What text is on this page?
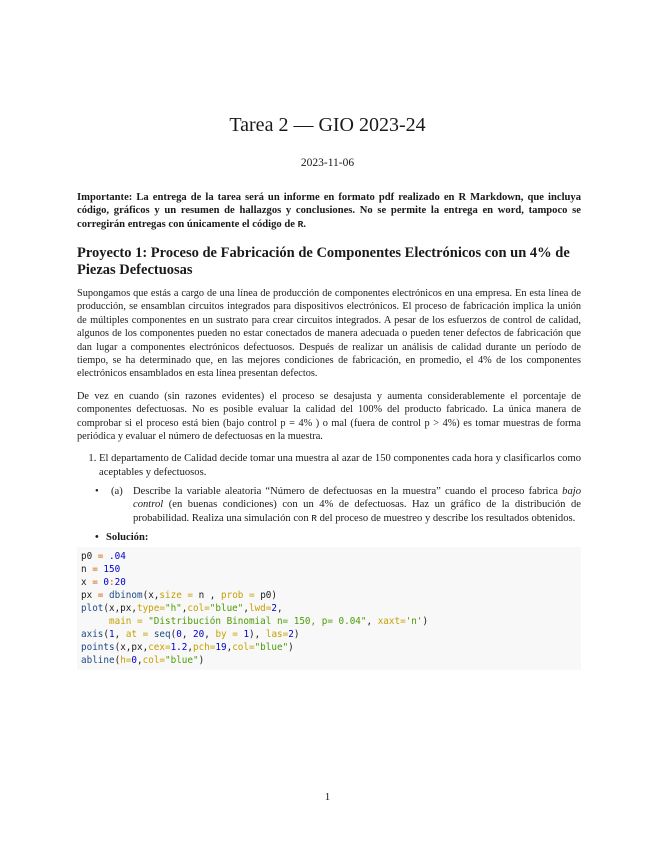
Tarea 2 — GIO 2023-24
2023-11-06
Importante: La entrega de la tarea será un informe en formato pdf realizado en R Markdown, que incluya código, gráficos y un resumen de hallazgos y conclusiones. No se permite la entrega en word, tampoco se corregirán entregas con únicamente el código de R.
Proyecto 1: Proceso de Fabricación de Componentes Electrónicos con un 4% de Piezas Defectuosas

Supongamos que estás a cargo de una línea de producción de componentes electrónicos en una empresa. En esta línea de producción, se ensamblan circuitos integrados para dispositivos electrónicos. El proceso de fabricación implica la unión de múltiples componentes en un sustrato para crear circuitos integrados. A pesar de los esfuerzos de control de calidad, algunos de los componentes pueden no estar conectados de manera adecuada o pueden tener defectos de fabricación que dan lugar a componentes electrónicos defectuosos. Después de realizar un análisis de calidad durante un período de tiempo, se ha determinado que, en las mejores condiciones de fabricación, en promedio, el 4% de los componentes electrónicos ensamblados en esta línea presentan defectos.

De vez en cuando (sin razones evidentes) el proceso se desajusta y aumenta considerablemente el porcentaje de componentes defectuosas. No es posible evaluar la calidad del 100% del producto fabricado. La única manera de comprobar si el proceso está bien (bajo control p = 4% ) o mal (fuera de control p > 4%) es tomar muestras de forma periódica y evaluar el número de defectuosas en la muestra.

1. El departamento de Calidad decide tomar una muestra al azar de 150 componentes cada hora y clasificarlos como aceptables y defectuosos.
•	(a) Describe la variable aleatoria “Número de defectuosas en la muestra” cuando el proceso fabrica bajo control (en buenas condiciones) con un 4% de defectuosas. Haz un gráfico de la distribución de probabilidad. Realiza una simulación con R del proceso de muestreo y describe los resultados obtenidos.
• Solución:
p0 = .04
n = 150
x = 0:20
px = dbinom(x,size = n , prob = p0)
plot(x,px,type="h",col="blue",lwd=2,
main = "Distribución Binomial n= 150, p= 0.04", xaxt='n')
axis(1, at = seq(0, 20, by = 1), las=2)
points(x,px,cex=1.2,pch=19,col="blue")
abline(h=0,col="blue")
1
